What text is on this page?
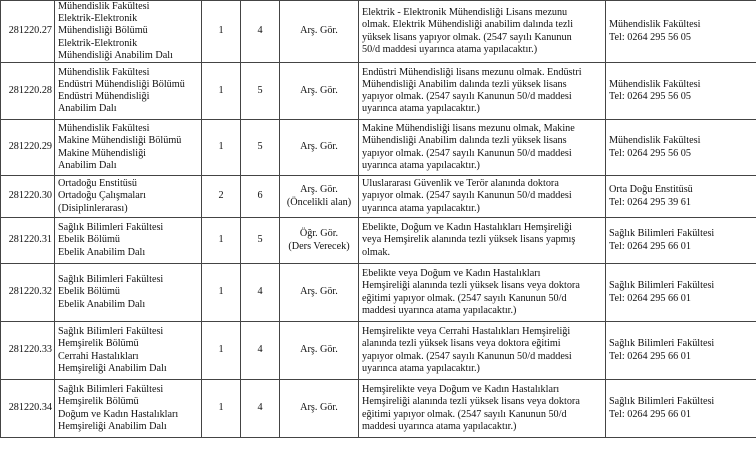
281220.27	Mühendislik Fakültesi
Elektrik-Elektronik
Mühendisliği Bölümü
Elektrik-Elektronik
Mühendisliği Anabilim Dalı	1	4	Arş. Gör.	Elektrik - Elektronik Mühendisliği Lisans mezunu
olmak. Elektrik Mühendisliği anabilim dalında tezli
yüksek lisans yapıyor olmak. (2547 sayılı Kanunun
50/d maddesi uyarınca atama yapılacaktır.)	Mühendislik Fakültesi
Tel: 0264 295 56 05

281220.28	Mühendislik Fakültesi
Endüstri Mühendisliği Bölümü
Endüstri Mühendisliği
Anabilim Dalı	1	5	Arş. Gör.	Endüstri Mühendisliği lisans mezunu olmak. Endüstri
Mühendisliği Anabilim dalında tezli yüksek lisans
yapıyor olmak. (2547 sayılı Kanunun 50/d maddesi
uyarınca atama yapılacaktır.)	Mühendislik Fakültesi
Tel: 0264 295 56 05

281220.29	Mühendislik Fakültesi
Makine Mühendisliği Bölümü
Makine Mühendisliği
Anabilim Dalı	1	5	Arş. Gör.	Makine Mühendisliği lisans mezunu olmak, Makine
Mühendisliği Anabilim dalında tezli yüksek lisans
yapıyor olmak. (2547 sayılı Kanunun 50/d maddesi
uyarınca atama yapılacaktır.)	Mühendislik Fakültesi
Tel: 0264 295 56 05

281220.30	Ortadoğu Enstitüsü
Ortadoğu Çalışmaları
(Disiplinlerarası)	2	6	Arş. Gör.
(Öncelikli alan)	Uluslararası Güvenlik ve Terör alanında doktora
yapıyor olmak. (2547 sayılı Kanunun 50/d maddesi
uyarınca atama yapılacaktır.)	Orta Doğu Enstitüsü
Tel: 0264 295 39 61

281220.31	Sağlık Bilimleri Fakültesi
Ebelik Bölümü
Ebelik Anabilim Dalı	1	5	Öğr. Gör.
(Ders Verecek)	Ebelikte, Doğum ve Kadın Hastalıkları Hemşireliği
veya Hemşirelik alanında tezli yüksek lisans yapmış
olmak.	Sağlık Bilimleri Fakültesi
Tel: 0264 295 66 01

281220.32	Sağlık Bilimleri Fakültesi
Ebelik Bölümü
Ebelik Anabilim Dalı	1	4	Arş. Gör.	Ebelikte veya Doğum ve Kadın Hastalıkları
Hemşireliği alanında tezli yüksek lisans veya doktora
eğitimi yapıyor olmak. (2547 sayılı Kanunun 50/d
maddesi uyarınca atama yapılacaktır.)	Sağlık Bilimleri Fakültesi
Tel: 0264 295 66 01

281220.33	Sağlık Bilimleri Fakültesi
Hemşirelik Bölümü
Cerrahi Hastalıkları
Hemşireliği Anabilim Dalı	1	4	Arş. Gör.	Hemşirelikte veya Cerrahi Hastalıkları Hemşireliği
alanında tezli yüksek lisans veya doktora eğitimi
yapıyor olmak. (2547 sayılı Kanunun 50/d maddesi
uyarınca atama yapılacaktır.)	Sağlık Bilimleri Fakültesi
Tel: 0264 295 66 01

281220.34	Sağlık Bilimleri Fakültesi
Hemşirelik Bölümü
Doğum ve Kadın Hastalıkları
Hemşireliği Anabilim Dalı	1	4	Arş. Gör.	Hemşirelikte veya Doğum ve Kadın Hastalıkları
Hemşireliği alanında tezli yüksek lisans veya doktora
eğitimi yapıyor olmak. (2547 sayılı Kanunun 50/d
maddesi uyarınca atama yapılacaktır.)	Sağlık Bilimleri Fakültesi
Tel: 0264 295 66 01
